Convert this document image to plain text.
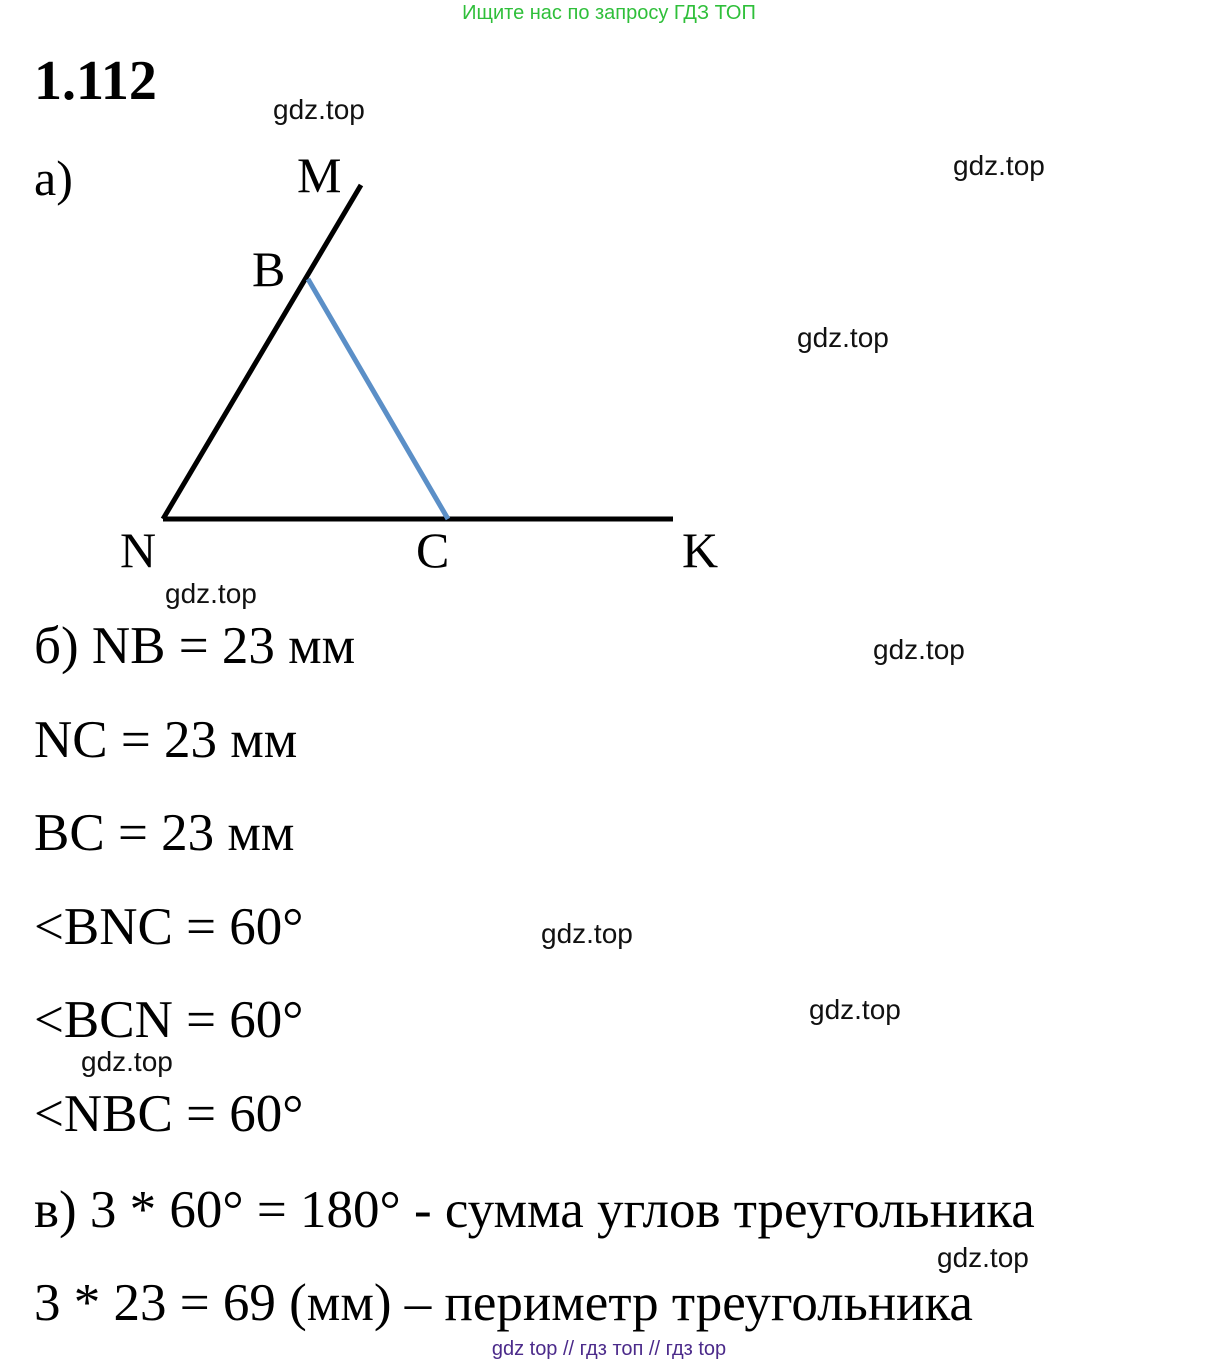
Ищите нас по запросу ГДЗ ТОП
1.112
а)	M
B
N	C	K
б) NB = 23 мм
NC = 23 мм
BC = 23 мм
<BNC = 60°
<BCN = 60°
<NBC = 60°
в) 3 * 60° = 180° - сумма углов треугольника
3 * 23 = 69 (мм) – периметр треугольника
gdz.top
gdz.top
gdz.top
gdz.top
gdz.top
gdz.top
gdz.top
gdz.top
gdz.top
gdz top // гдз топ // гдз top
